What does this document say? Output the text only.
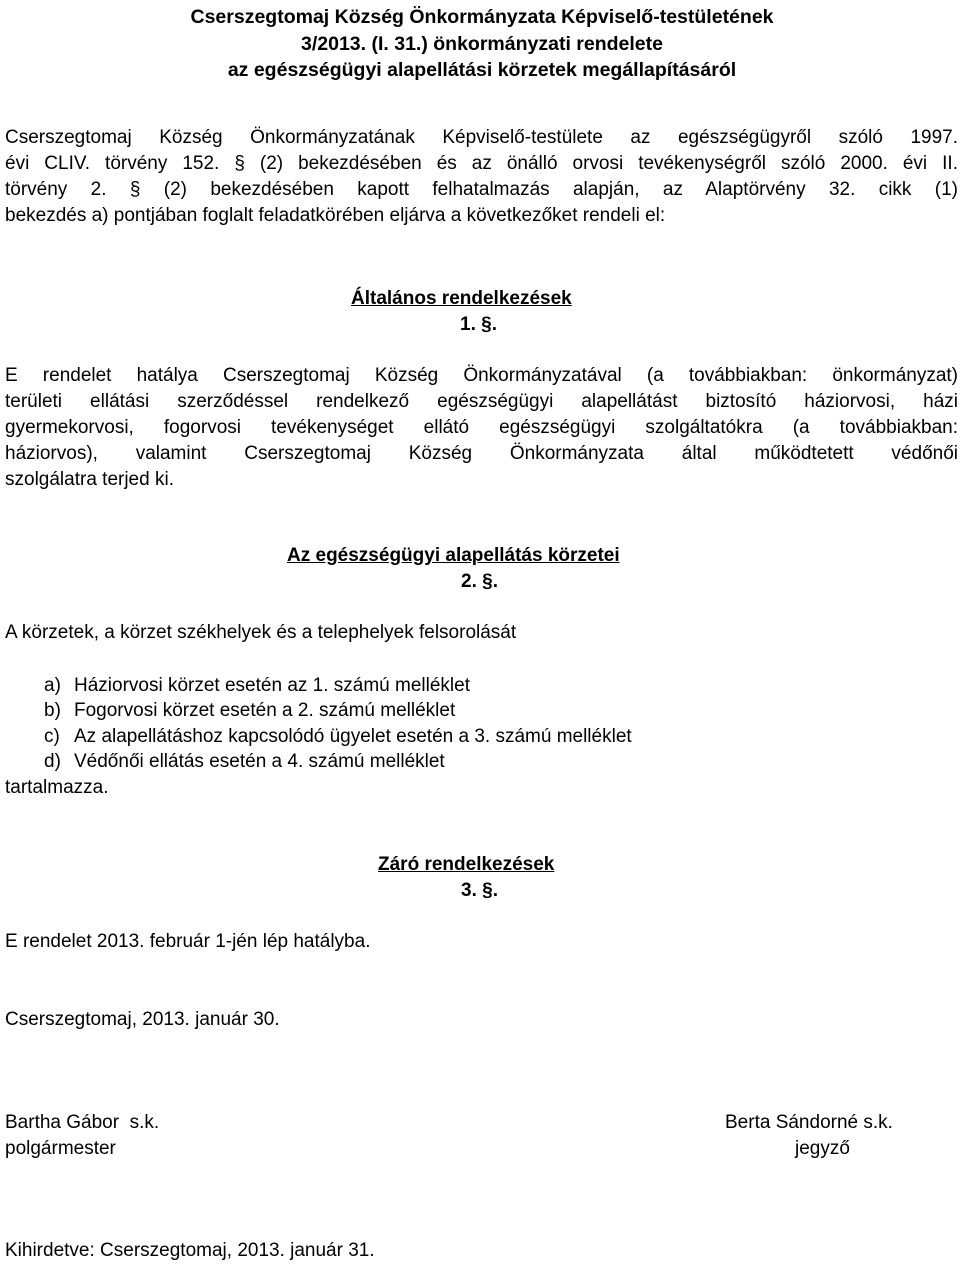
Cserszegtomaj Község Önkormányzata Képviselő-testületének
3/2013. (I. 31.) önkormányzati rendelete
az egészségügyi alapellátási körzetek megállapításáról
Cserszegtomaj Község Önkormányzatának Képviselő-testülete az egészségügyről szóló 1997.
évi CLIV. törvény 152. § (2) bekezdésében és az önálló orvosi tevékenységről szóló 2000. évi II.
törvény 2. § (2) bekezdésében kapott felhatalmazás alapján, az Alaptörvény 32. cikk (1)
bekezdés a) pontjában foglalt feladatkörében eljárva a következőket rendeli el:
Általános rendelkezések
1. §.
E rendelet hatálya Cserszegtomaj Község Önkormányzatával (a továbbiakban: önkormányzat)
területi ellátási szerződéssel rendelkező egészségügyi alapellátást biztosító háziorvosi, házi
gyermekorvosi, fogorvosi tevékenységet ellátó egészségügyi szolgáltatókra (a továbbiakban:
háziorvos), valamint Cserszegtomaj Község Önkormányzata által működtetett védőnői
szolgálatra terjed ki.
Az egészségügyi alapellátás körzetei
2. §.
A körzetek, a körzet székhelyek és a telephelyek felsorolását
a) Háziorvosi körzet esetén az 1. számú melléklet
b) Fogorvosi körzet esetén a 2. számú melléklet
c) Az alapellátáshoz kapcsolódó ügyelet esetén a 3. számú melléklet
d) Védőnői ellátás esetén a 4. számú melléklet
tartalmazza.
Záró rendelkezések
3. §.
E rendelet 2013. február 1-jén lép hatályba.
Cserszegtomaj, 2013. január 30.
Bartha Gábor  s.k.
polgármester
Berta Sándorné s.k.
jegyző
Kihirdetve: Cserszegtomaj, 2013. január 31.
